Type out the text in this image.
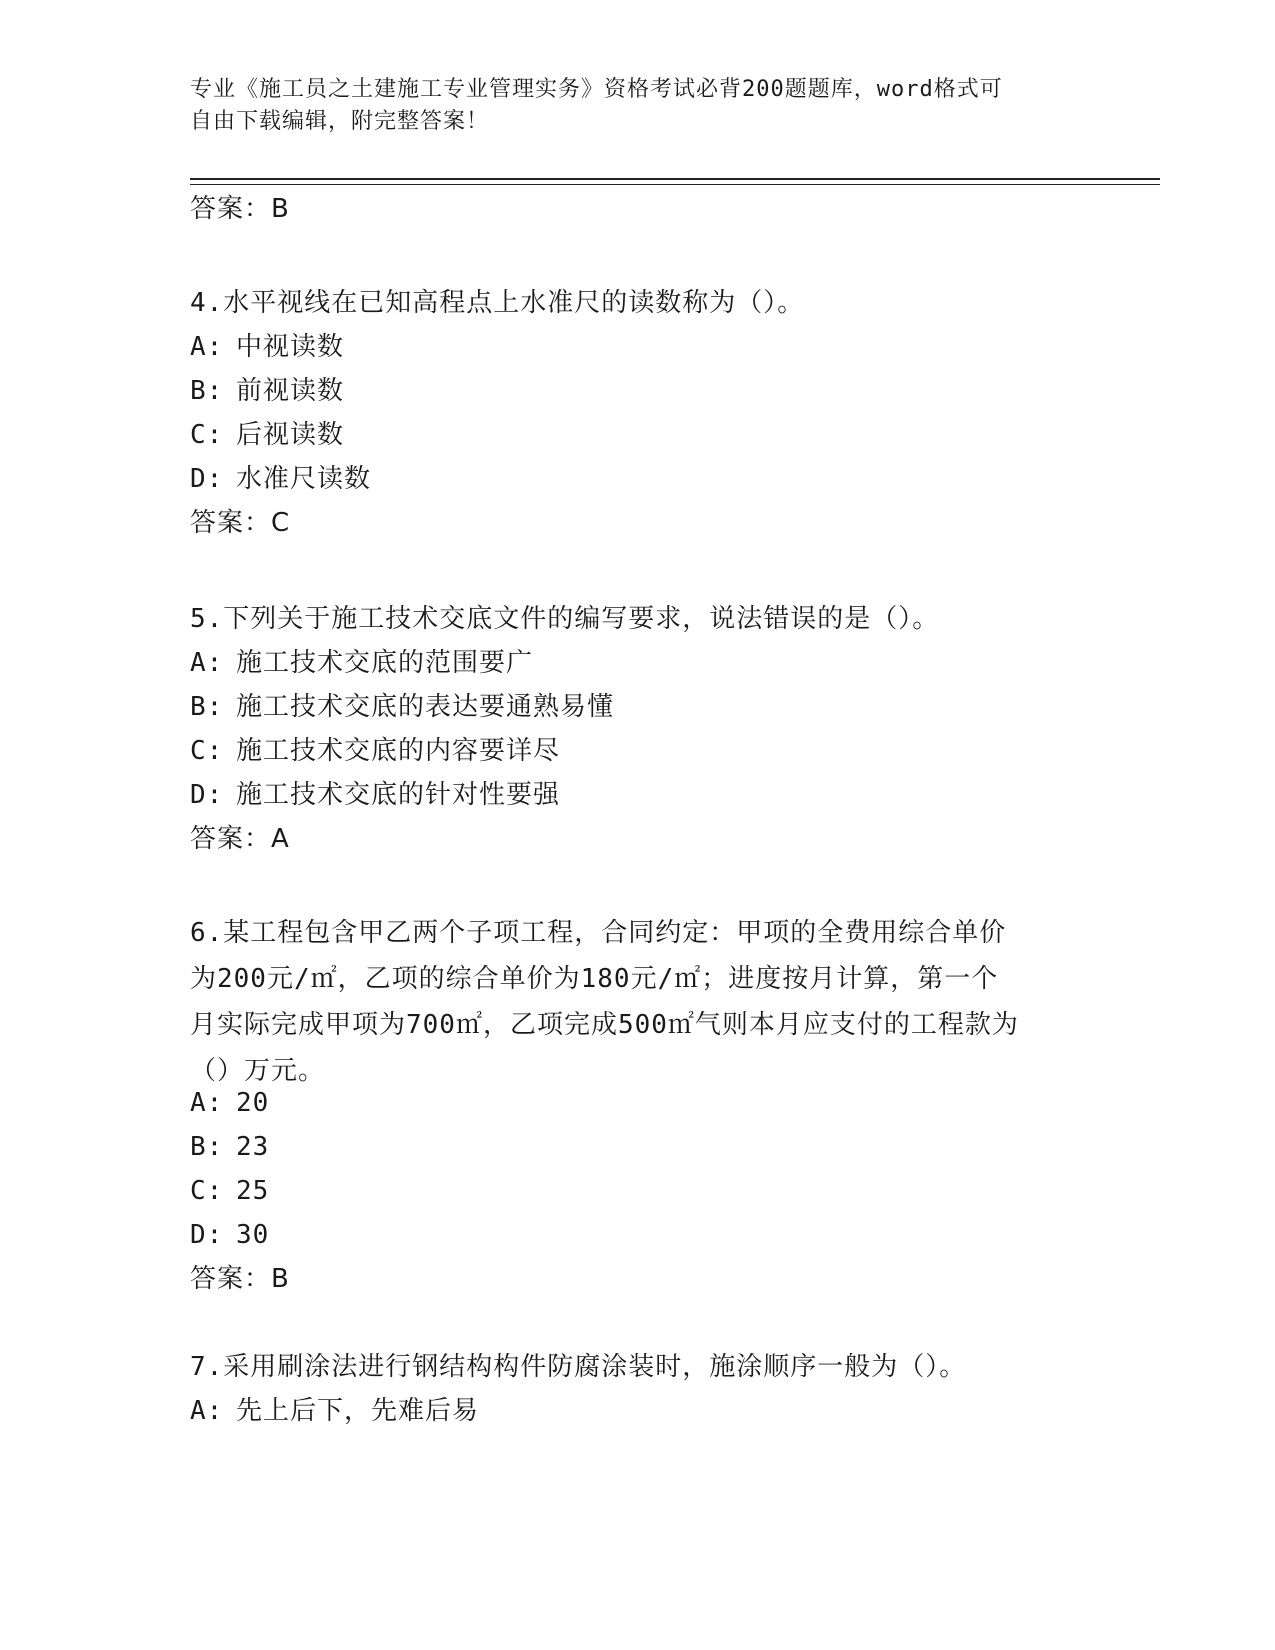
专业《施工员之土建施工专业管理实务》资格考试必背200题题库，word格式可
自由下载编辑，附完整答案！
答案：B
4.水平视线在已知高程点上水准尺的读数称为（）。
A: 中视读数
B: 前视读数
C: 后视读数
D: 水准尺读数
答案：C
5.下列关于施工技术交底文件的编写要求，说法错误的是（）。
A: 施工技术交底的范围要广
B: 施工技术交底的表达要通熟易懂
C: 施工技术交底的内容要详尽
D: 施工技术交底的针对性要强
答案：A
6.某工程包含甲乙两个子项工程，合同约定：甲项的全费用综合单价
为200元/㎡，乙项的综合单价为180元/㎡；进度按月计算，第一个
月实际完成甲项为700㎡，乙项完成500㎡气则本月应支付的工程款为
（）万元。
A: 20
B: 23
C: 25
D: 30
答案：B
7.采用刷涂法进行钢结构构件防腐涂装时，施涂顺序一般为（）。
A: 先上后下，先难后易
